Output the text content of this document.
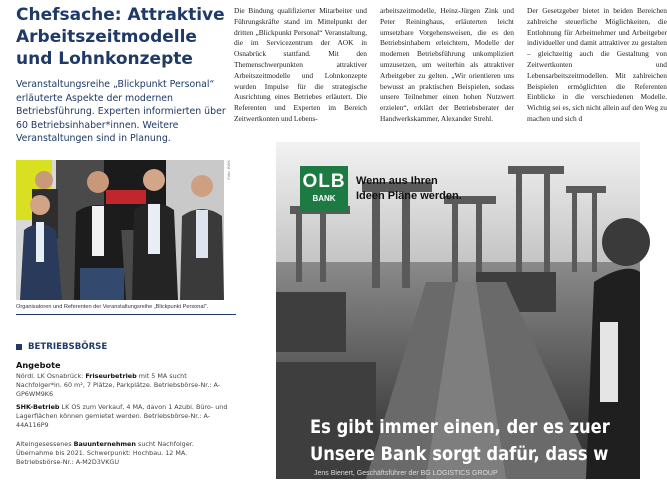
Chefsache: Attraktive Arbeitszeitmodelle und Lohnkonzepte
Veranstaltungsreihe „Blickpunkt Personal“ erläuterte Aspekte der modernen Betriebsführung. Experten informierten über 60 Betriebsinhaber*innen. Weitere Veranstaltungen sind in Planung.
Foto: HWK
Organisatoren und Referenten der Veranstaltungsreihe „Blickpunkt Personal“.
BETRIEBSBÖRSE
Angebote
Nördl. LK Osnabrück: Friseurbetrieb mit 5 MA sucht Nachfolger*in. 60 m², 7 Plätze, Parkplätze. Betriebsbörse-Nr.: A-GP6WM9K6
SHK-Betrieb LK OS zum Verkauf, 4 MA, davon 1 Azubi. Büro- und Lagerflächen können gemietet werden. Betriebsbörse-Nr.: A-44A116P9
Alteingesessenes Bauunternehmen sucht Nachfolger. Übernahme bis 2021. Schwerpunkt: Hochbau. 12 MA. Betriebsbörse-Nr.: A-M2D3VKGU
Die Bindung qualifizierter Mitarbeiter und Führungskräfte stand im Mittelpunkt der dritten „Blickpunkt Personal“ Veranstaltung, die im Servicezentrum der AOK in Osnabrück stattfand. Mit den Themenschwerpunkten attraktiver Arbeitszeitmodelle und Lohnkonzepte wurden Impulse für die strategische Ausrichtung eines Betriebes erläutert. Die Referenten und Experten im Bereich Zeitwertkonten und Lebens-
arbeitszeitmodelle, Heinz-Jürgen Zink und Peter Reininghaus, erläuterten leicht umsetzbare Vorgehensweisen, die es den Betriebsinhabern erleichtern, Modelle der modernen Betriebsführung unkompliziert umzusetzen, um weiterhin als attraktiver Arbeitgeber zu gelten. „Wir orientieren uns bewusst an praktischen Beispielen, sodass unsere Teilnehmer einen hohen Nutzwert erzielen“, erklärt der Betriebsberater der Handwerkskammer, Alexander Strehl.
Der Gesetzgeber bietet in beiden Bereichen zahlreiche steuerliche Möglichkeiten, die Entlohnung für Arbeitnehmer und Arbeitgeber individueller und damit attraktiver zu gestalten – gleichzeitig auch die Gestaltung von Zeitwertkonten und Lebensarbeitszeitmodellen. Mit zahlreichen Beispielen ermöglichten die Referenten Einblicke in die verschiedenen Modelle. Wichtig sei es, sich nicht allein auf den Weg zu machen und sich d
OLB
BANK
Wenn aus Ihren
Ideen Pläne werden.
Es gibt immer einen, der es zuer
Unsere Bank sorgt dafür, dass w
Jens Bienert, Geschäftsführer der BG LOGISTICS GROUP
